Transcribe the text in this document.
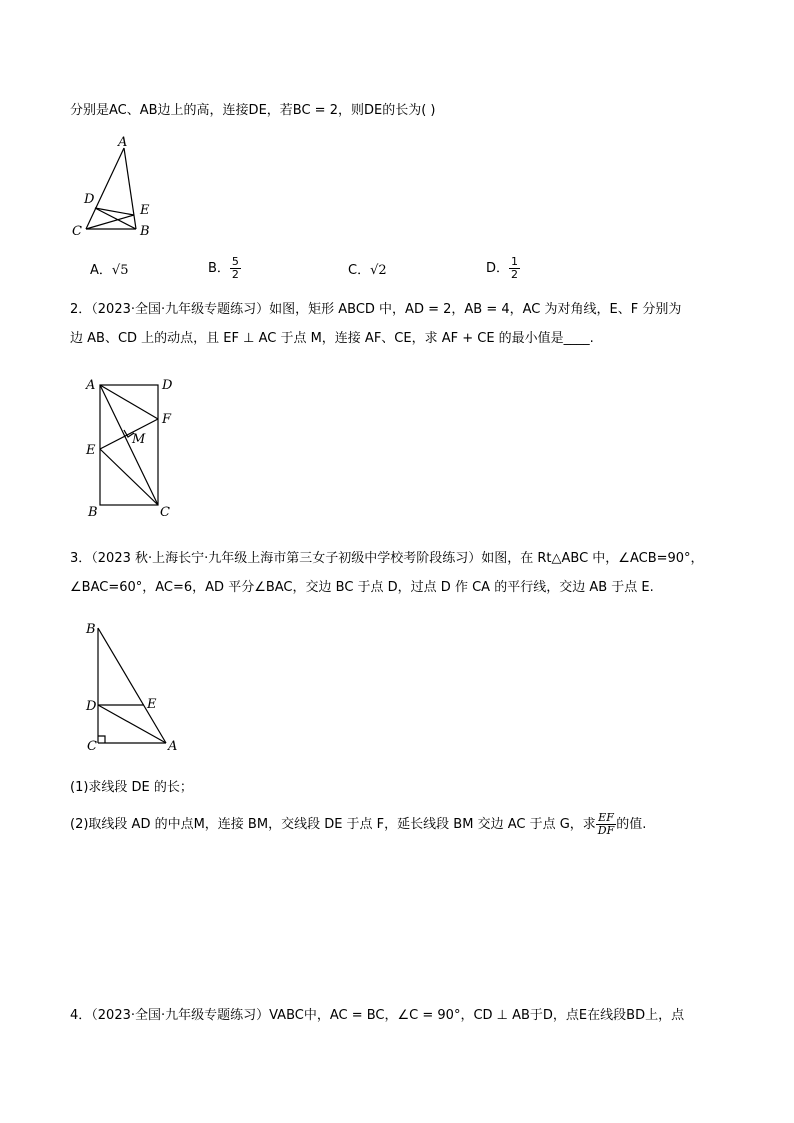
分别是AC、AB边上的高，连接DE，若BC = 2，则DE的长为( )
A
D
E
C	B
A．√5	B． $\frac{5}{2}$	C．√2	D． $\frac{1}{2}$
2．（2023·全国·九年级专题练习）如图，矩形 ABCD 中，AD = 2，AB = 4，AC 为对角线，E、F 分别为
边 AB、CD 上的动点，且 EF ⊥ AC 于点 M，连接 AF、CE，求 AF + CE 的最小值是____.
A	D
F
M
E
B	C
3．（2023 秋·上海长宁·九年级上海市第三女子初级中学校考阶段练习）如图，在 Rt△ABC 中，∠ACB=90°，
∠BAC=60°，AC=6，AD 平分∠BAC，交边 BC 于点 D，过点 D 作 CA 的平行线，交边 AB 于点 E.
B
D	E
C	A
(1)求线段 DE 的长；
(2)取线段 AD 的中点M，连接 BM，交线段 DE 于点 F，延长线段 BM 交边 AC 于点 G，求 $\frac{EF}{DF}$ 的值.
4．（2023·全国·九年级专题练习）VABC中，AC = BC，∠C = 90°，CD ⊥ AB于D，点E在线段BD上，点
